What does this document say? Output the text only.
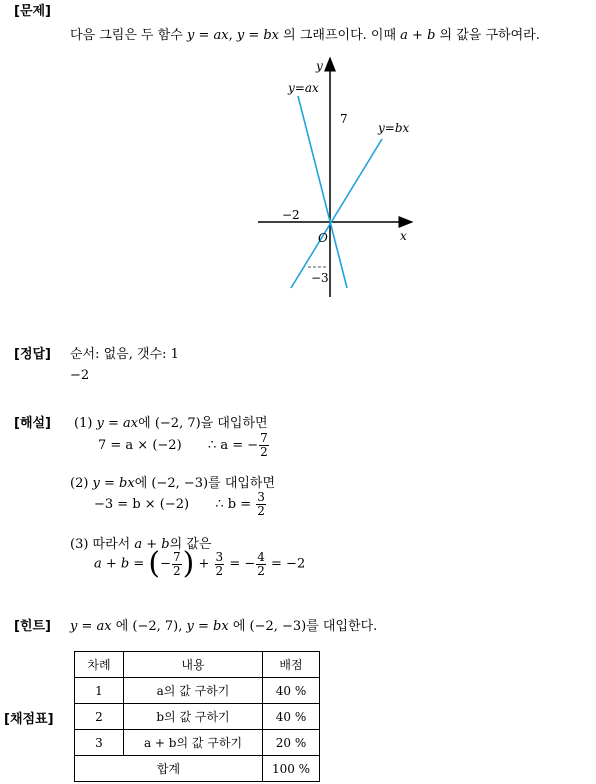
[문제]
다음 그림은 두 함수 y = ax, y = bx 의 그래프이다. 이때 a + b 의 값을 구하여라.
y
x
O
y=ax
y=bx
7
−2
−3
[정답] 순서: 없음, 갯수: 1
−2
[해설] (1) y = ax에 (−2, 7)을 대입하면
7 = a × (−2) ∴ a = − $\frac{7}{2}$
(2) y = bx에 (−2, −3)를 대입하면
−3 = b × (−2) ∴ $b = \frac{3}{2}$
(3) 따라서 a + b의 값은
a + b = (− $\frac{7}{2}$ ) + $\frac{3}{2}$ = − $\frac{4}{2} = -2$
[힌트] y = ax 에 (−2, 7), y = bx 에 (−2, −3)를 대입한다.
[채점표]
차례	내용	배점
1	a의 값 구하기	40 %
2	b의 값 구하기	40 %
3	a + b의 값 구하기	20 %
합계		100 %
